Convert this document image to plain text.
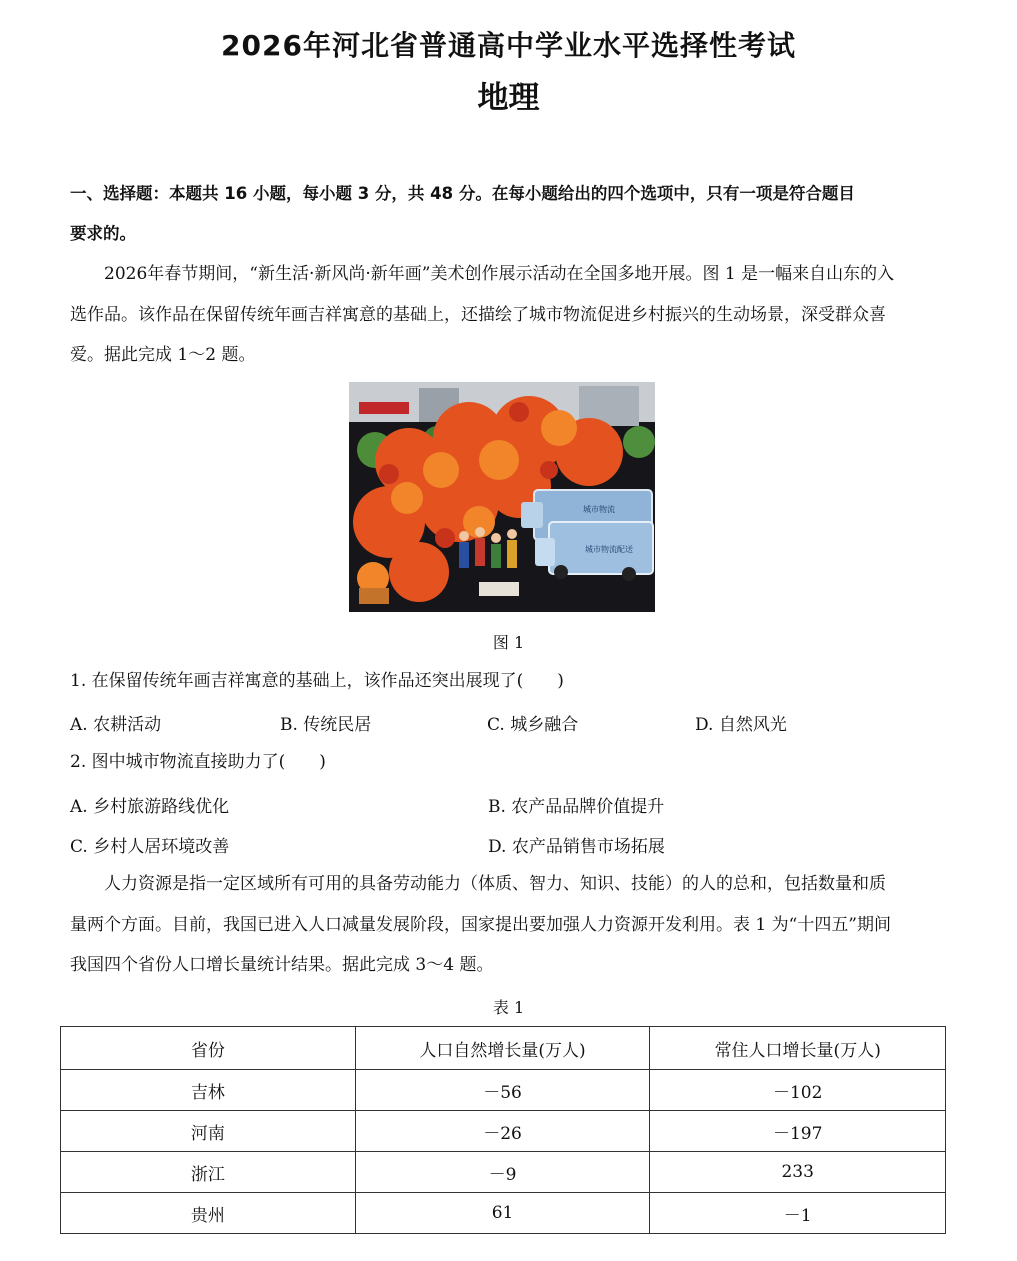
2026年河北省普通高中学业水平选择性考试
地理

一、选择题：本题共 16 小题，每小题 3 分，共 48 分。在每小题给出的四个选项中，只有一项是符合题目

要求的。

2026年春节期间，“新生活·新风尚·新年画”美术创作展示活动在全国多地开展。图 1 是一幅来自山东的入

选作品。该作品在保留传统年画吉祥寓意的基础上，还描绘了城市物流促进乡村振兴的生动场景，深受群众喜

爱。据此完成 1～2 题。

城市物流
城市物流配送
图 1

1. 在保留传统年画吉祥寓意的基础上，该作品还突出展现了(　　)

A. 农耕活动	B. 传统民居	C. 城乡融合	D. 自然风光

2. 图中城市物流直接助力了(　　)

A. 乡村旅游路线优化	B. 农产品品牌价值提升
C. 乡村人居环境改善	D. 农产品销售市场拓展

人力资源是指一定区域所有可用的具备劳动能力（体质、智力、知识、技能）的人的总和，包括数量和质

量两个方面。目前，我国已进入人口减量发展阶段，国家提出要加强人力资源开发利用。表 1 为“十四五”期间

我国四个省份人口增长量统计结果。据此完成 3～4 题。

表 1
省份	人口自然增长量(万人)	常住人口增长量(万人)
吉林	－56	－102
河南	－26	－197
浙江	－9	233
贵州	61	－1
